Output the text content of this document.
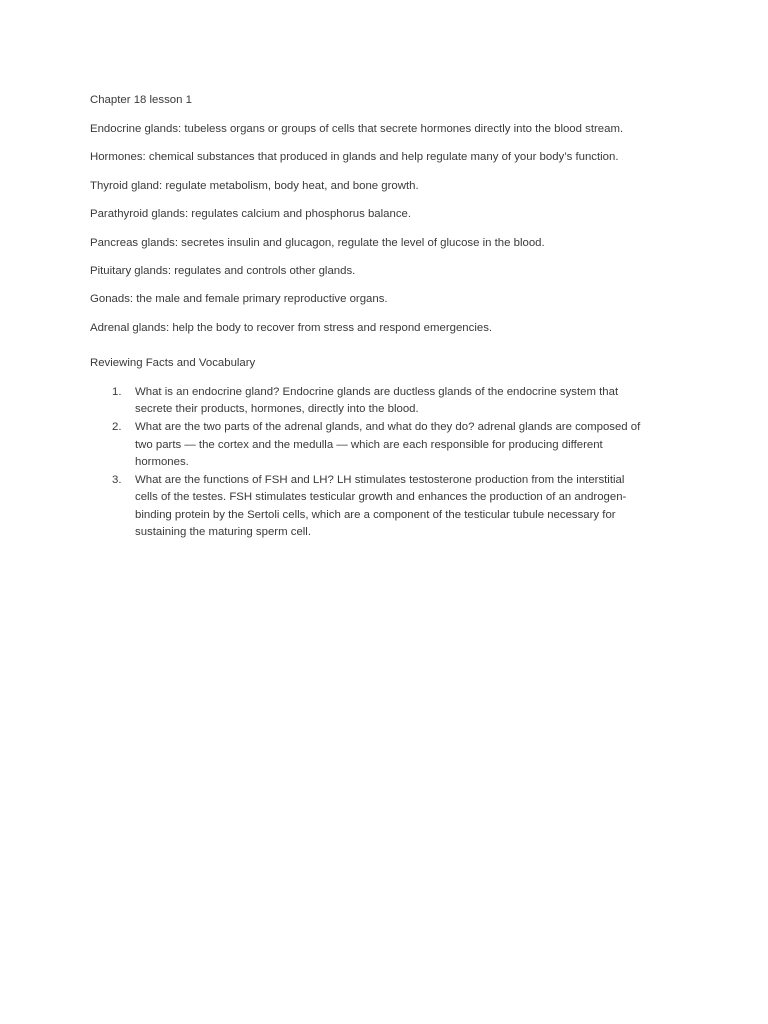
Chapter 18 lesson 1

Endocrine glands: tubeless organs or groups of cells that secrete hormones directly into the blood stream.

Hormones: chemical substances that produced in glands and help regulate many of your body’s function.

Thyroid gland: regulate metabolism, body heat, and bone growth.

Parathyroid glands: regulates calcium and phosphorus balance.

Pancreas glands: secretes insulin and glucagon, regulate the level of glucose in the blood.

Pituitary glands: regulates and controls other glands.

Gonads: the male and female primary reproductive organs.

Adrenal glands: help the body to recover from stress and respond emergencies.

Reviewing Facts and Vocabulary

1. What is an endocrine gland? Endocrine glands are ductless glands of the endocrine system that
secrete their products, hormones, directly into the blood.
2. What are the two parts of the adrenal glands, and what do they do? adrenal glands are composed of
two parts — the cortex and the medulla — which are each responsible for producing different
hormones.
3. What are the functions of FSH and LH? LH stimulates testosterone production from the interstitial
cells of the testes. FSH stimulates testicular growth and enhances the production of an androgen-
binding protein by the Sertoli cells, which are a component of the testicular tubule necessary for
sustaining the maturing sperm cell.
